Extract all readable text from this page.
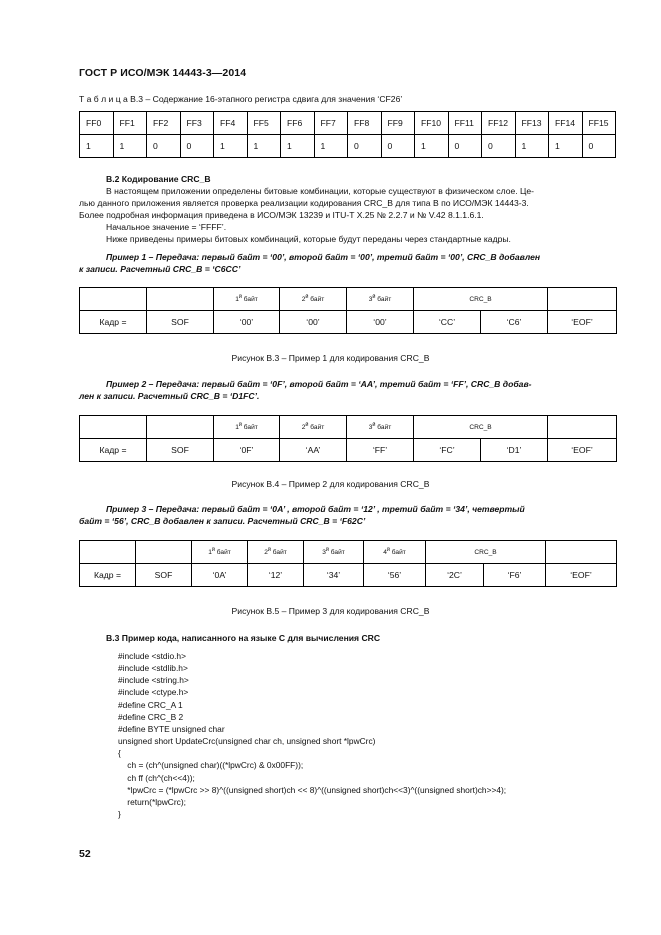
ГОСТ Р ИСО/МЭК 14443-3—2014
Т а б л и ц а В.3 – Содержание 16-этапного регистра сдвига для значения ‘CF26’
FF0	FF1	FF2	FF3	FF4	FF5	FF6	FF7	FF8	FF9	FF10	FF11	FF12	FF13	FF14	FF15
1	1	0	0	1	1	1	1	0	0	1	0	0	1	1	0
В.2 Кодирование CRC_B
В настоящем приложении определены битовые комбинации, которые существуют в физическом слое. Це-
лью данного приложения является проверка реализации кодирования CRC_B для типа В по ИСО/МЭК 14443-3.
Более подробная информация приведена в ИСО/МЭК 13239 и ITU-T X.25 № 2.2.7 и № V.42 8.1.1.6.1.
Начальное значение = ‘FFFF’.
Ниже приведены примеры битовых комбинаций, которые будут переданы через стандартные кадры.
Пример 1 – Передача: первый байт = ‘00’, второй байт = ‘00’, третий байт = ‘00’, CRC_B добавлен
к записи. Расчетный CRC_B = ‘C6CC’
		$1^й$ байт	$2^й$ байт	$3^й$ байт	CRC_B		
Кадр =	SOF	‘00’	‘00’	‘00’	‘CC’	‘C6’	‘EOF’
Рисунок В.3 – Пример 1 для кодирования CRC_B
Пример 2 – Передача: первый байт = ‘0F’, второй байт = ‘AA’, третий байт = ‘FF’, CRC_B добав-
лен к записи. Расчетный CRC_B = ‘D1FC’.
		$1^й$ байт	$2^й$ байт	$3^й$ байт	CRC_B		
Кадр =	SOF	‘0F’	‘AA’	‘FF’	‘FC’	‘D1’	‘EOF’
Рисунок В.4 – Пример 2 для кодирования CRC_B
Пример 3 – Передача: первый байт = ‘0A’ , второй байт = ‘12’ , третий байт = ‘34’, четвертый
байт = ‘56’, CRC_B добавлен к записи. Расчетный CRC_B = ‘F62C’
		$1^й$ байт	$2^й$ байт	$3^й$ байт	$4^й$ байт	CRC_B		
Кадр =	SOF	‘0A’	‘12’	‘34’	‘56’	‘2C’	‘F6’	‘EOF’
Рисунок В.5 – Пример 3 для кодирования CRC_B
В.3 Пример кода, написанного на языке С для вычисления CRC
#include <stdio.h>
#include <stdlib.h>
#include <string.h>
#include <ctype.h>
#define CRC_A 1
#define CRC_B 2
#define BYTE unsigned char
unsigned short UpdateCrc(unsigned char ch, unsigned short *lpwCrc)
{
ch = (ch^(unsigned char)((*lpwCrc) & 0x00FF));
ch ff (ch^(ch<<4));
*lpwCrc = (*lpwCrc >> 8)^((unsigned short)ch << 8)^((unsigned short)ch<<3)^((unsigned short)ch>>4);
return(*lpwCrc);
}
52
